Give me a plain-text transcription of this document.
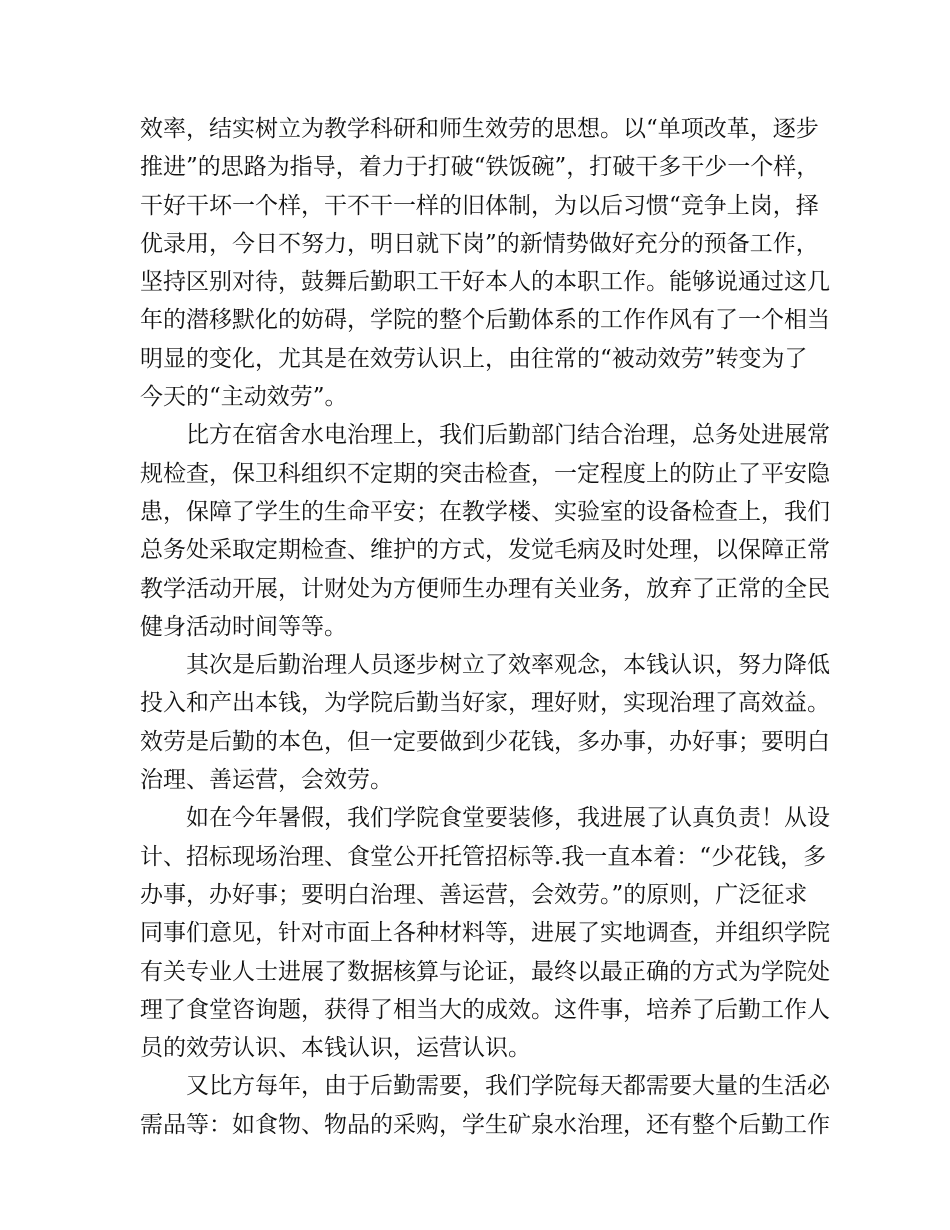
效率，结实树立为教学科研和师生效劳的思想。以“单项改革，逐步
推进”的思路为指导，着力于打破“铁饭碗”，打破干多干少一个样，
干好干坏一个样，干不干一样的旧体制，为以后习惯“竞争上岗，择
优录用，今日不努力，明日就下岗”的新情势做好充分的预备工作，
坚持区别对待，鼓舞后勤职工干好本人的本职工作。能够说通过这几
年的潜移默化的妨碍，学院的整个后勤体系的工作作风有了一个相当
明显的变化，尤其是在效劳认识上，由往常的“被动效劳”转变为了
今天的“主动效劳”。
比方在宿舍水电治理上，我们后勤部门结合治理，总务处进展常
规检查，保卫科组织不定期的突击检查，一定程度上的防止了平安隐
患，保障了学生的生命平安；在教学楼、实验室的设备检查上，我们
总务处采取定期检查、维护的方式，发觉毛病及时处理，以保障正常
教学活动开展，计财处为方便师生办理有关业务，放弃了正常的全民
健身活动时间等等。
其次是后勤治理人员逐步树立了效率观念，本钱认识，努力降低
投入和产出本钱，为学院后勤当好家，理好财，实现治理了高效益。
效劳是后勤的本色，但一定要做到少花钱，多办事，办好事；要明白
治理、善运营，会效劳。
如在今年暑假，我们学院食堂要装修，我进展了认真负责！从设
计、招标现场治理、食堂公开托管招标等.我一直本着：“少花钱，多
办事，办好事；要明白治理、善运营，会效劳。”的原则，广泛征求
同事们意见，针对市面上各种材料等，进展了实地调查，并组织学院
有关专业人士进展了数据核算与论证，最终以最正确的方式为学院处
理了食堂咨询题，获得了相当大的成效。这件事，培养了后勤工作人
员的效劳认识、本钱认识，运营认识。
又比方每年，由于后勤需要，我们学院每天都需要大量的生活必
需品等：如食物、物品的采购，学生矿泉水治理，还有整个后勤工作
